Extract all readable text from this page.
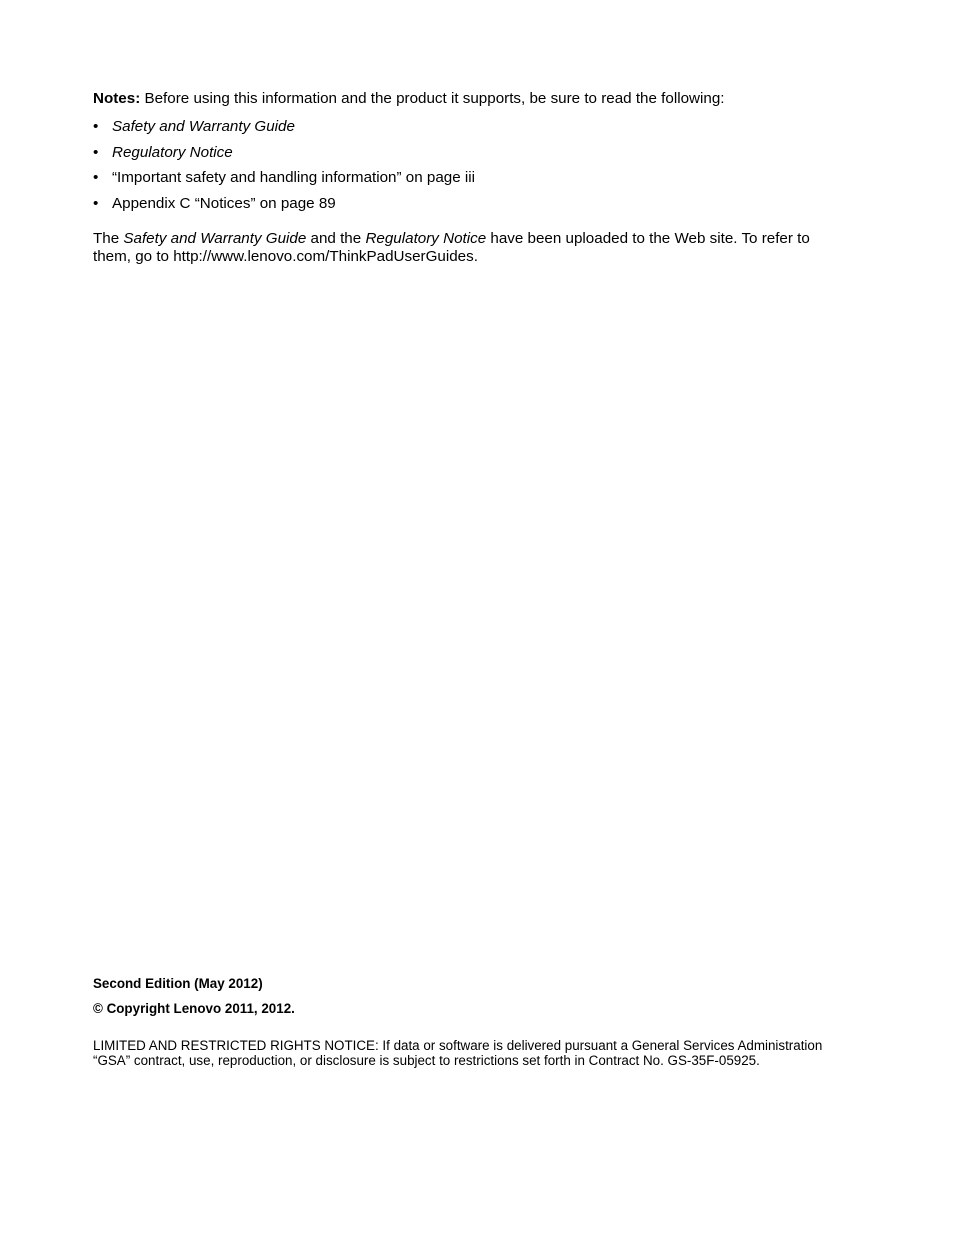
Notes: Before using this information and the product it supports, be sure to read the following:

• Safety and Warranty Guide
• Regulatory Notice
• “Important safety and handling information” on page iii
• Appendix C “Notices” on page 89

The Safety and Warranty Guide and the Regulatory Notice have been uploaded to the Web site. To refer to them, go to http://www.lenovo.com/ThinkPadUserGuides.

Second Edition (May 2012)

© Copyright Lenovo 2011, 2012.

LIMITED AND RESTRICTED RIGHTS NOTICE: If data or software is delivered pursuant a General Services Administration “GSA” contract, use, reproduction, or disclosure is subject to restrictions set forth in Contract No. GS-35F-05925.
